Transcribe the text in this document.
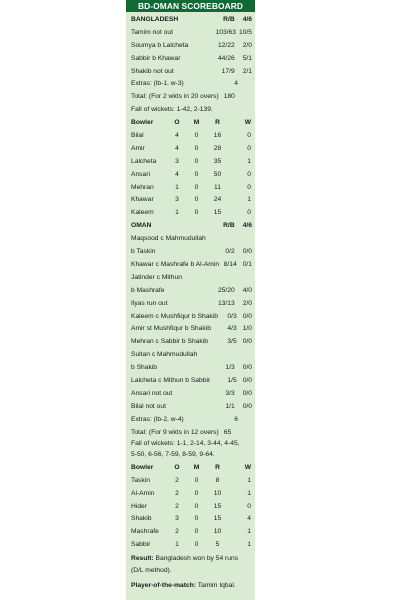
BD-OMAN SCOREBOARD
BANGLADESH	R/B 4/6
Tamim not out	103/63 10/5
Soumya b Lalcheta	12/22 2/0
Sabbir b Khawar	44/26 5/1
Shakib not out	17/9 2/1
Extras: (lb-1, w-3)	4
Total: (For 2 wkts in 20 overs) 180
Fall of wickets: 1-42, 2-139.
Bowler	O	M	R	W
Bilal	4	0	16	0
Amir	4	0	28	0
Lalcheta	3	0	35	1
Ansari	4	0	50	0
Mehran	1	0	11	0
Khawar	3	0	24	1
Kaleem	1	0	15	0
OMAN	R/B 4/6
Maqsood c Mahmudullah
b Taskin	0/2 0/0
Khawar c Mashrafe b Al-Amin 8/14 0/1
Jatinder c Mithun
b Mashrafe	25/20 4/0
Ilyas run out	13/13 2/0
Kaleem c Mushfiqur b Shakib 0/3 0/0
Amir st Mushfiqur b Shakib 4/3 1/0
Mehran c Sabbir b Shakib	3/5 0/0
Sultan c Mahmudullah
b Shakib	1/3 0/0
Lalcheta c Mithun b Sabbir	1/5 0/0
Ansari not out	3/3 0/0
Bilal not out	1/1 0/0
Extras: (lb-2, w-4)	6
Total: (For 9 wkts in 12 overs) 65
Fall of wickets: 1-1, 2-14, 3-44, 4-45,
5-50, 6-56, 7-59, 8-59, 9-64.
Bowler	O	M	R	W
Taskin	2	0	8	1
Al-Amin	2	0	10	1
Hider	2	0	15	0
Shakib	3	0	15	4
Mashrafe	2	0	10	1
Sabbir	1	0	5	1
Result: Bangladesh won by 54 runs (D/L method).
Player-of-the-match: Tamim Iqbal.
